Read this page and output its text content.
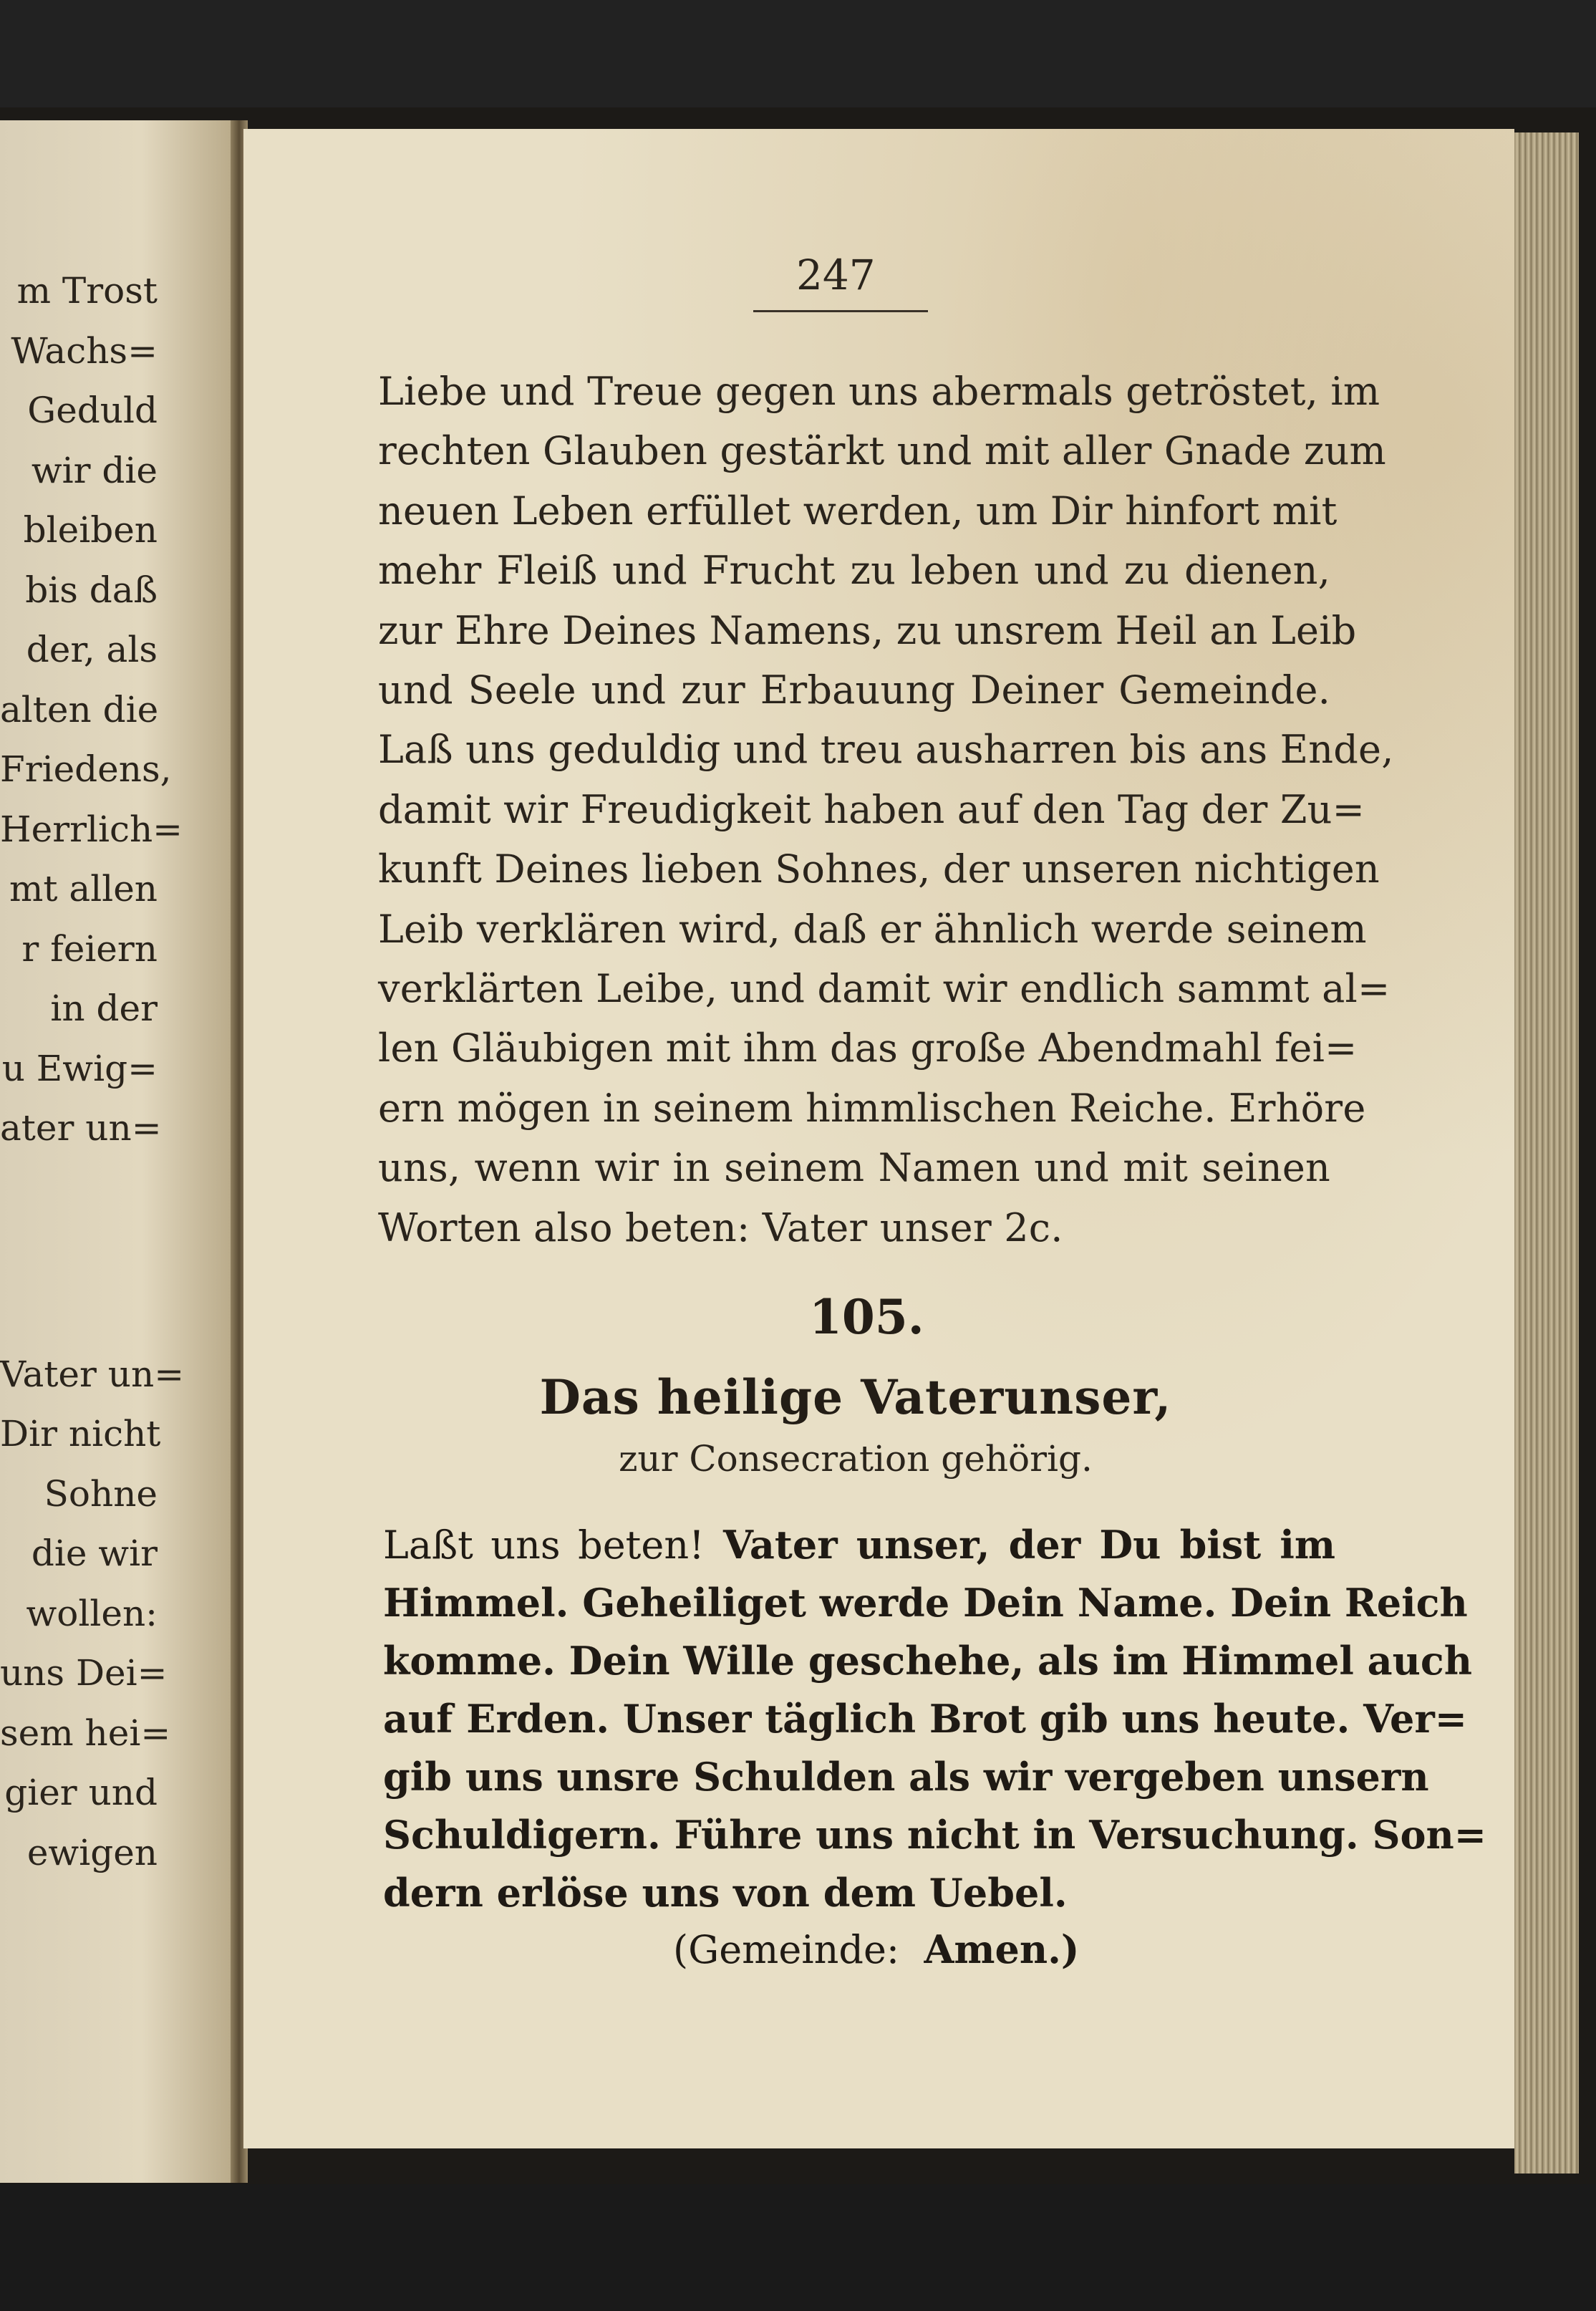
m Trost
Wachs=
Geduld
wir die
bleiben
bis daß
der, als
alten die
Friedens,
Herrlich=
mt allen
r feiern
in der
u Ewig=
ater un=
Vater un=
Dir nicht
Sohne
die wir
wollen:
uns Dei=
sem hei=
gier und
ewigen
247
Liebe und Treue gegen uns abermals getröstet, im
rechten Glauben gestärkt und mit aller Gnade zum
neuen Leben erfüllet werden, um Dir hinfort mit
mehr Fleiß und Frucht zu leben und zu dienen,
zur Ehre Deines Namens, zu unsrem Heil an Leib
und Seele und zur Erbauung Deiner Gemeinde.
Laß uns geduldig und treu ausharren bis ans Ende,
damit wir Freudigkeit haben auf den Tag der Zu=
kunft Deines lieben Sohnes, der unseren nichtigen
Leib verklären wird, daß er ähnlich werde seinem
verklärten Leibe, und damit wir endlich sammt al=
len Gläubigen mit ihm das große Abendmahl fei=
ern mögen in seinem himmlischen Reiche. Erhöre
uns, wenn wir in seinem Namen und mit seinen
Worten also beten: Vater unser 2c.
105.
Das heilige Vaterunser,
zur Consecration gehörig.
Laßt uns beten! Vater unser, der Du bist im
Himmel. Geheiliget werde Dein Name. Dein Reich
komme. Dein Wille geschehe, als im Himmel auch
auf Erden. Unser täglich Brot gib uns heute. Ver=
gib uns unsre Schulden als wir vergeben unsern
Schuldigern. Führe uns nicht in Versuchung. Son=
dern erlöse uns von dem Uebel.
(Gemeinde: Amen.)
